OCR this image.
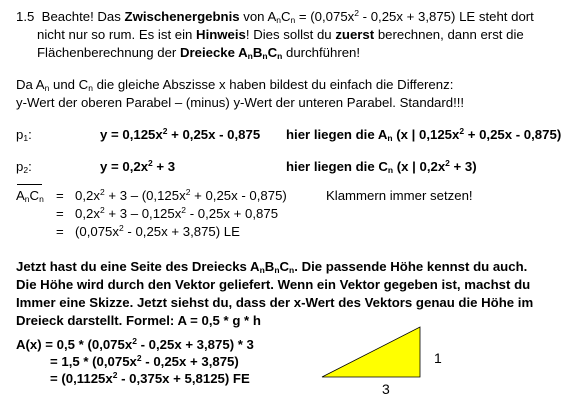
1.5 Beachte! Das Zwischenergebnis von $A_nC_n = (0,075x^2 - 0,25x + 3,875)$ LE steht dort
nicht nur so rum. Es ist ein Hinweis! Dies sollst du zuerst berechnen, dann erst die
Flächenberechnung der Dreiecke $A_nB_nC_n$ durchführen!
Da $A_n$ und $C_n$ die gleiche Abszisse x haben bildest du einfach die Differenz:
y-Wert der oberen Parabel – (minus) y-Wert der unteren Parabel. Standard!!!
$p_1$:	$y = 0,125x^2 + 0,25x - 0,875$ hier liegen die $A_n$ (x | $0,125x^2 + 0,25x - 0,875$)
$p_2$:	$y = 0,2x^2 + 3$	hier liegen die $C_n$ (x | $0,2x^2 + 3$)
$A_nC_n = 0,2x^2 + 3 - (0,125x^2 + 0,25x - 0,875)$	Klammern immer setzen!
= $0,2x^2 + 3 - 0,125x^2 - 0,25x + 0,875$
= $(0,075x^2 - 0,25x + 3,875)$ LE
Jetzt hast du eine Seite des Dreiecks $A_nB_nC_n$. Die passende Höhe kennst du auch.
Die Höhe wird durch den Vektor geliefert. Wenn ein Vektor gegeben ist, machst du
Immer eine Skizze. Jetzt siehst du, dass der x-Wert des Vektors genau die Höhe im
Dreieck darstellt. Formel: A = 0,5 * g * h
$A(x) = 0,5 * (0,075x^2 - 0,25x + 3,875) * 3$
= $1,5 * (0,075x^2 - 0,25x + 3,875)$
= $(0,1125x^2 - 0,375x + 5,8125)$ FE
1
3
